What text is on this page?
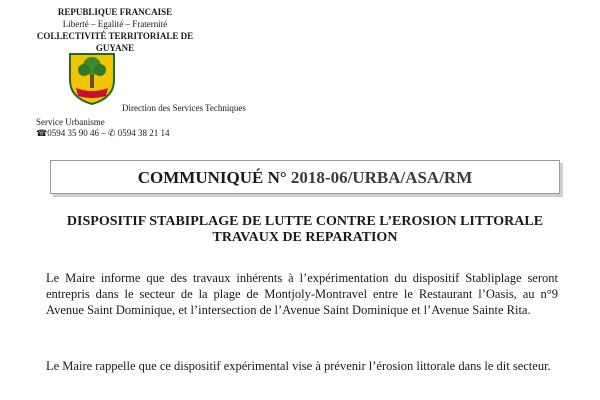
REPUBLIQUE FRANCAISE
Liberté – Egalité – Fraternité
COLLECTIVITÉ TERRITORIALE DE GUYANE
Direction des Services Techniques
Service Urbanisme
☎0594 35 90 46 – ✆ 0594 38 21 14
COMMUNIQUÉ N° 2018-06/URBA/ASA/RM
DISPOSITIF STABIPLAGE DE LUTTE CONTRE L’EROSION LITTORALE
TRAVAUX DE REPARATION

Le Maire informe que des travaux inhérents à l’expérimentation du dispositif Stabliplage seront entrepris dans le secteur de la plage de Montjoly-Montravel entre le Restaurant l’Oasis, au n°9 Avenue Saint Dominique, et l’intersection de l’Avenue Saint Dominique et l’Avenue Sainte Rita.

Le Maire rappelle que ce dispositif expérimental vise à prévenir l’érosion littorale dans le dit secteur.
